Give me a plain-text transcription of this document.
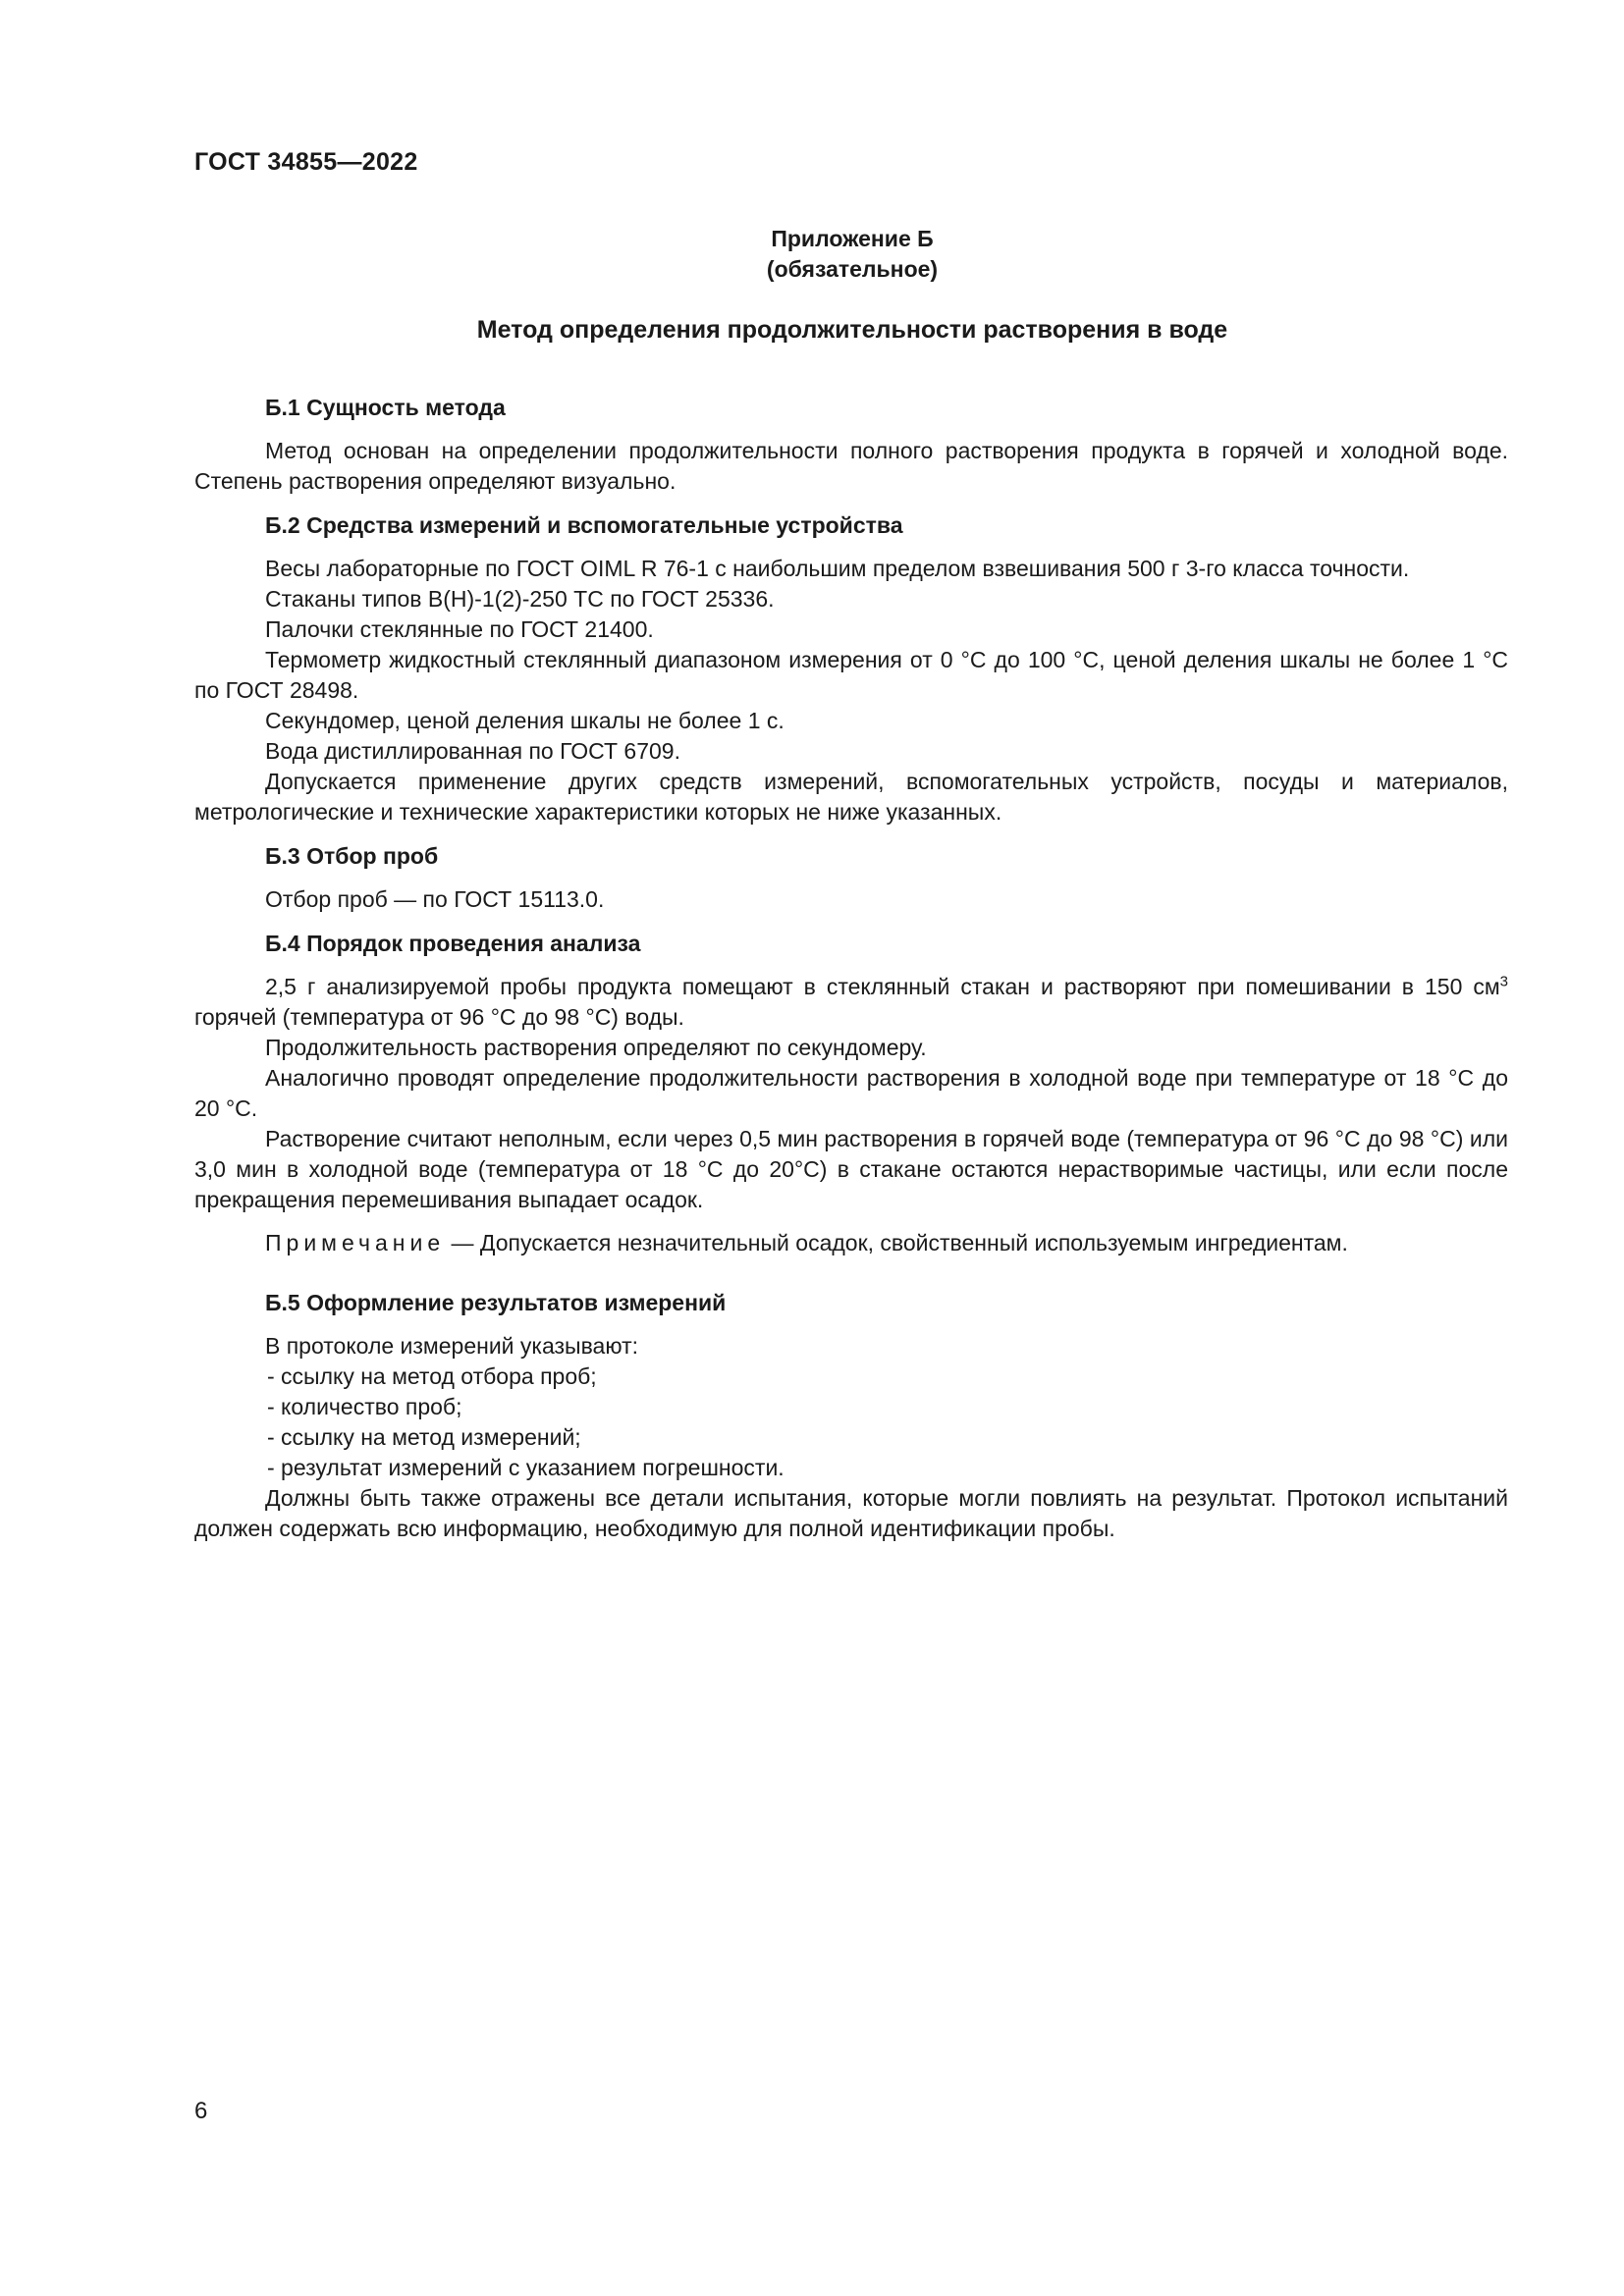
ГОСТ 34855—2022
Приложение Б
(обязательное)
Метод определения продолжительности растворения в воде
Б.1 Сущность метода

Метод основан на определении продолжительности полного растворения продукта в горячей и холодной воде. Степень растворения определяют визуально.

Б.2 Средства измерений и вспомогательные устройства

Весы лабораторные по ГОСТ OIML R 76-1 с наибольшим пределом взвешивания 500 г 3-го класса точности.

Стаканы типов В(Н)-1(2)-250 ТС по ГОСТ 25336.

Палочки стеклянные по ГОСТ 21400.

Термометр жидкостный стеклянный диапазоном измерения от 0 °С до 100 °С, ценой деления шкалы не более 1 °С по ГОСТ 28498.

Секундомер, ценой деления шкалы не более 1 с.

Вода дистиллированная по ГОСТ 6709.

Допускается применение других средств измерений, вспомогательных устройств, посуды и материалов, метрологические и технические характеристики которых не ниже указанных.

Б.3 Отбор проб

Отбор проб — по ГОСТ 15113.0.

Б.4 Порядок проведения анализа

2,5 г анализируемой пробы продукта помещают в стеклянный стакан и растворяют при помешивании в 150 $см^3$ горячей (температура от 96 °С до 98 °С) воды.

Продолжительность растворения определяют по секундомеру.

Аналогично проводят определение продолжительности растворения в холодной воде при температуре от 18 °С до 20 °С.

Растворение считают неполным, если через 0,5 мин растворения в горячей воде (температура от 96 °С до 98 °С) или 3,0 мин в холодной воде (температура от 18 °С до 20°С) в стакане остаются нерастворимые частицы, или если после прекращения перемешивания выпадает осадок.

Примечание — Допускается незначительный осадок, свойственный используемым ингредиентам.

Б.5 Оформление результатов измерений

В протоколе измерений указывают:

- ссылку на метод отбора проб;

- количество проб;

- ссылку на метод измерений;

- результат измерений с указанием погрешности.

Должны быть также отражены все детали испытания, которые могли повлиять на результат. Протокол испытаний должен содержать всю информацию, необходимую для полной идентификации пробы.

6
